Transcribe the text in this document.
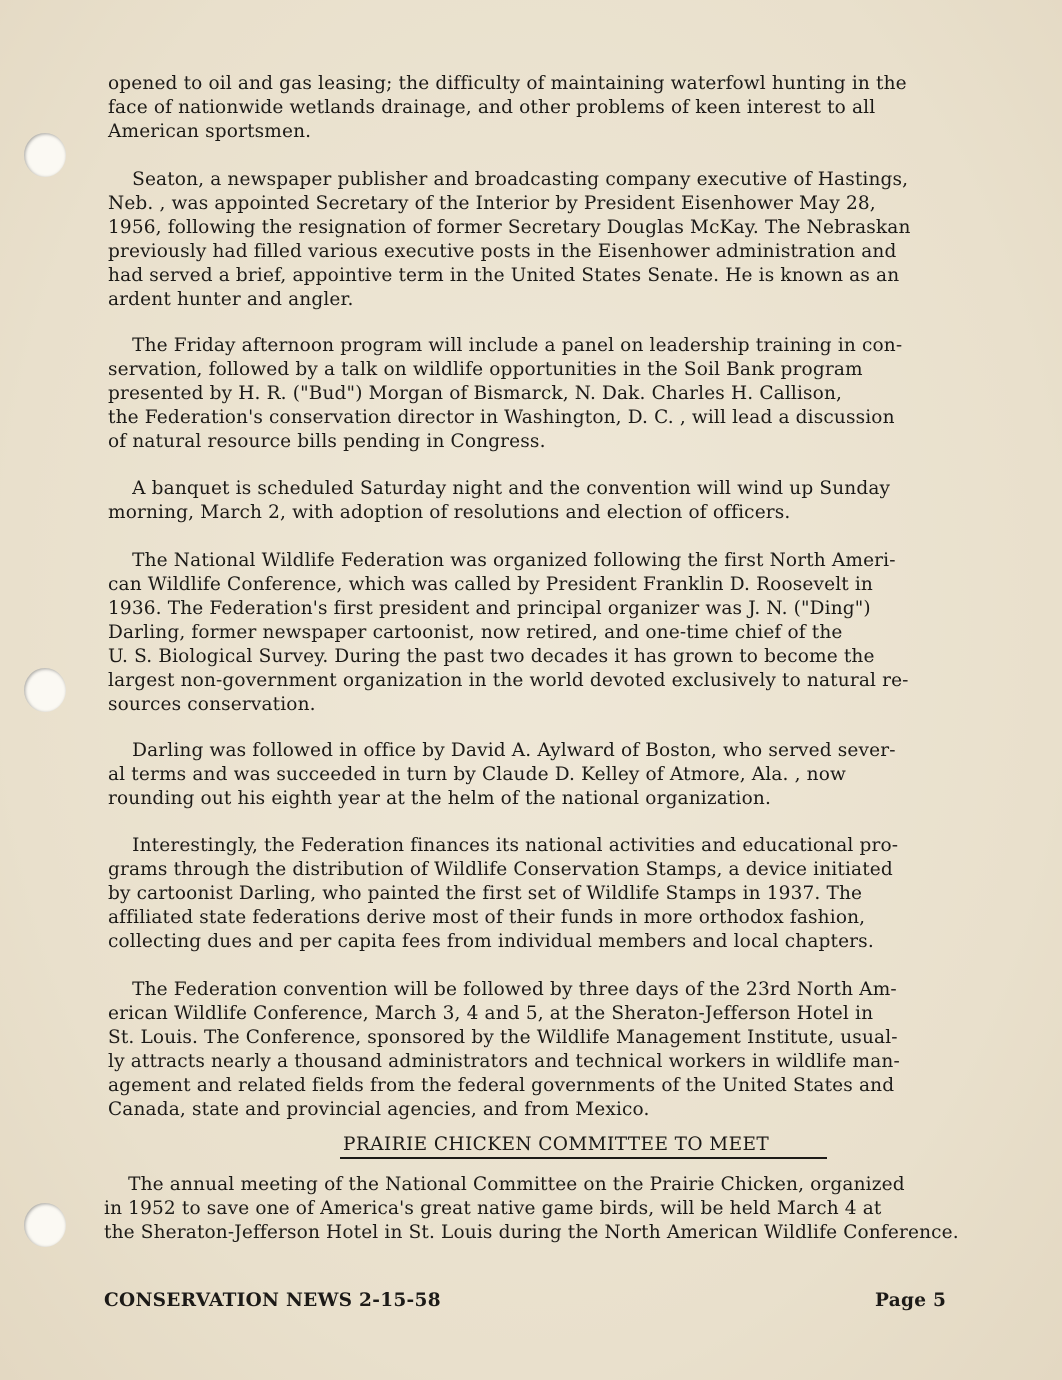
opened to oil and gas leasing; the difficulty of maintaining waterfowl hunting in the
face of nationwide wetlands drainage, and other problems of keen interest to all
American sportsmen.
Seaton, a newspaper publisher and broadcasting company executive of Hastings,
Neb. , was appointed Secretary of the Interior by President Eisenhower May 28,
1956, following the resignation of former Secretary Douglas McKay. The Nebraskan
previously had filled various executive posts in the Eisenhower administration and
had served a brief, appointive term in the United States Senate. He is known as an
ardent hunter and angler.
The Friday afternoon program will include a panel on leadership training in con-
servation, followed by a talk on wildlife opportunities in the Soil Bank program
presented by H. R. ("Bud") Morgan of Bismarck, N. Dak. Charles H. Callison,
the Federation's conservation director in Washington, D. C. , will lead a discussion
of natural resource bills pending in Congress.
A banquet is scheduled Saturday night and the convention will wind up Sunday
morning, March 2, with adoption of resolutions and election of officers.
The National Wildlife Federation was organized following the first North Ameri-
can Wildlife Conference, which was called by President Franklin D. Roosevelt in
1936. The Federation's first president and principal organizer was J. N. ("Ding")
Darling, former newspaper cartoonist, now retired, and one-time chief of the
U. S. Biological Survey. During the past two decades it has grown to become the
largest non-government organization in the world devoted exclusively to natural re-
sources conservation.
Darling was followed in office by David A. Aylward of Boston, who served sever-
al terms and was succeeded in turn by Claude D. Kelley of Atmore, Ala. , now
rounding out his eighth year at the helm of the national organization.
Interestingly, the Federation finances its national activities and educational pro-
grams through the distribution of Wildlife Conservation Stamps, a device initiated
by cartoonist Darling, who painted the first set of Wildlife Stamps in 1937. The
affiliated state federations derive most of their funds in more orthodox fashion,
collecting dues and per capita fees from individual members and local chapters.
The Federation convention will be followed by three days of the 23rd North Am-
erican Wildlife Conference, March 3, 4 and 5, at the Sheraton-Jefferson Hotel in
St. Louis. The Conference, sponsored by the Wildlife Management Institute, usual-
ly attracts nearly a thousand administrators and technical workers in wildlife man-
agement and related fields from the federal governments of the United States and
Canada, state and provincial agencies, and from Mexico.
PRAIRIE CHICKEN COMMITTEE TO MEET
The annual meeting of the National Committee on the Prairie Chicken, organized
in 1952 to save one of America's great native game birds, will be held March 4 at
the Sheraton-Jefferson Hotel in St. Louis during the North American Wildlife Conference.
CONSERVATION NEWS 2-15-58	Page 5
